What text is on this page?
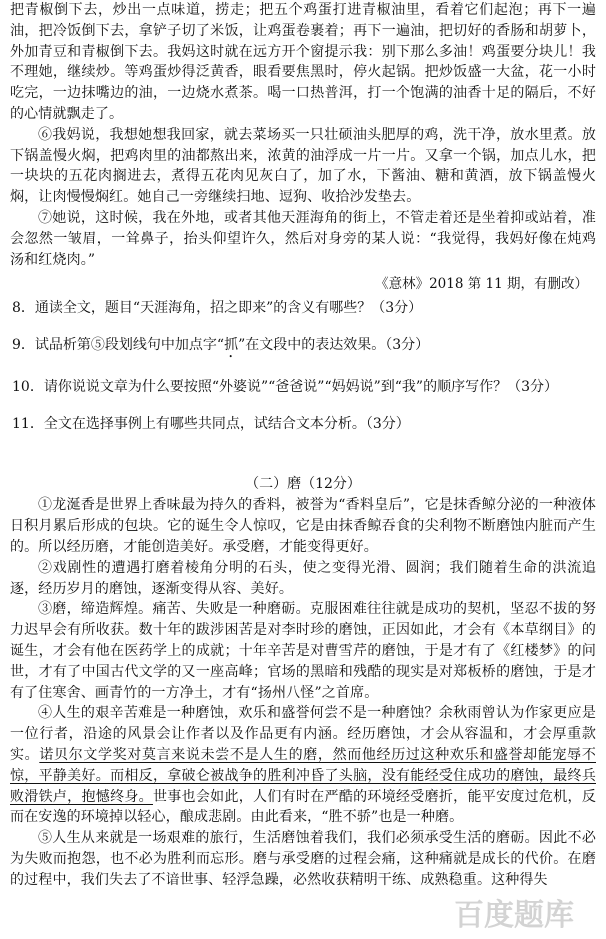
把青椒倒下去，炒出一点味道，捞走；把五个鸡蛋打进青椒油里，看着它们起泡；再下一遍油，把冷饭倒下去，拿铲子切了米饭，让鸡蛋卷裹着；再下一遍油，把切好的香肠和胡萝卜，外加青豆和青椒倒下去。我妈这时就在远方开个窗提示我：别下那么多油！鸡蛋要分块儿！我不理她，继续炒。等鸡蛋炒得泛黄香，眼看要焦黑时，停火起锅。把炒饭盛一大盆，花一小时吃完，一边抹嘴边的油，一边烧水煮茶。喝一口热普洱，打一个饱满的油香十足的隔后，不好的心情就飘走了。

⑥我妈说，我想她想我回家，就去菜场买一只壮硕油头肥厚的鸡，洗干净，放水里煮。放下锅盖慢火焖，把鸡肉里的油都熬出来，浓黄的油浮成一片一片。又拿一个锅，加点儿水，把一块块的五花肉搁进去，煮得五花肉见灰白了，加了水，下酱油、糖和黄酒，放下锅盖慢火焖，让肉慢慢焖红。她自己一旁继续扫地、逗狗、收拾沙发垫去。

⑦她说，这时候，我在外地，或者其他天涯海角的街上，不管走着还是坐着抑或站着，准会忽然一皱眉，一耸鼻子，抬头仰望许久，然后对身旁的某人说：“我觉得，我妈好像在炖鸡汤和红烧肉。”

《意林》2018 第 11 期，有删改）

8．通读全文，题目“天涯海角，招之即来”的含义有哪些？（3分）

9．试品析第⑤段划线句中加点字“抓”在文段中的表达效果。（3分）

10．请你说说文章为什么要按照“外婆说”“爸爸说”“妈妈说”到“我”的顺序写作？（3分）

11．全文在选择事例上有哪些共同点，试结合文本分析。（3分）

（二）磨（12分）

①龙涎香是世界上香味最为持久的香料，被誉为“香料皇后”，它是抹香鲸分泌的一种液体日积月累后形成的包块。它的诞生令人惊叹，它是由抹香鲸吞食的尖利物不断磨蚀内脏而产生的。所以经历磨，才能创造美好。承受磨，才能变得更好。

②戏剧性的遭遇打磨着棱角分明的石头，使之变得光滑、圆润；我们随着生命的洪流追逐，经历岁月的磨蚀，逐渐变得从容、美好。

③磨，缔造辉煌。痛苦、失败是一种磨砺。克服困难往往就是成功的契机，坚忍不拔的努力迟早会有所收获。数十年的跋涉困苦是对李时珍的磨蚀，正因如此，才会有《本草纲目》的诞生，才会有他在医药学上的成就；十年辛苦是对曹雪芹的磨蚀，于是才有了《红楼梦》的问世，才有了中国古代文学的又一座高峰；官场的黑暗和残酷的现实是对郑板桥的磨蚀，于是才有了住寒舍、画青竹的一方净土，才有“扬州八怪”之首席。

④人生的艰辛苦难是一种磨蚀，欢乐和盛誉何尝不是一种磨蚀？余秋雨曾认为作家更应是一位行者，沿途的风景会让作者以及作品更有内涵。经历磨蚀，才会从容温和，才会厚重款实。诺贝尔文学奖对莫言来说未尝不是人生的磨，然而他经历过这种欢乐和盛誉却能宠辱不惊，平静美好。而相反，拿破仑被战争的胜利冲昏了头脑，没有能经受住成功的磨蚀，最终兵败滑铁卢，抱憾终身。世事也会如此，人们有时在严酷的环境经受磨折，能平安度过危机，反而在安逸的环境掉以轻心，酿成悲剧。由此看来，“胜不骄”也是一种磨。

⑤人生从来就是一场艰难的旅行，生活磨蚀着我们，我们必须承受生活的磨砺。因此不必为失败而抱怨，也不必为胜利而忘形。磨与承受磨的过程会痛，这种痛就是成长的代价。在磨的过程中，我们失去了不谙世事、轻浮急躁，必然收获精明干练、成熟稳重。这种得失

百度题库
